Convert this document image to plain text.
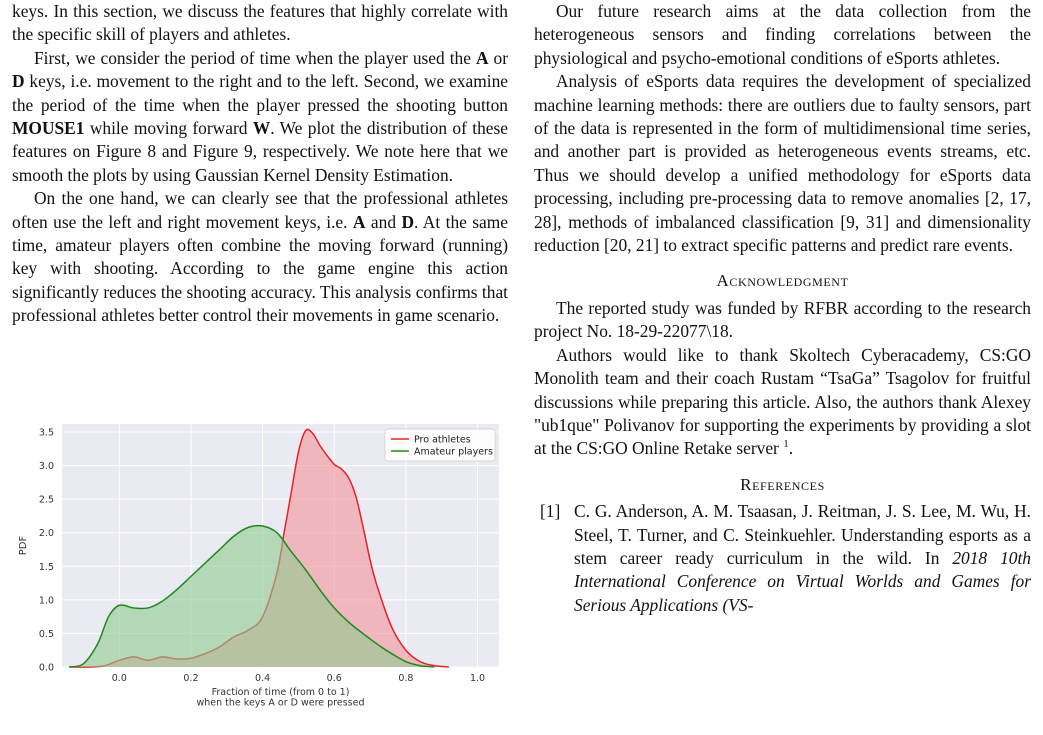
keys. In this section, we discuss the features that highly correlate with the specific skill of players and athletes.

First, we consider the period of time when the player used the A or D keys, i.e. movement to the right and to the left. Second, we examine the period of the time when the player pressed the shooting button MOUSE1 while moving forward W. We plot the distribution of these features on Figure 8 and Figure 9, respectively. We note here that we smooth the plots by using Gaussian Kernel Density Estimation.

On the one hand, we can clearly see that the professional athletes often use the left and right movement keys, i.e. A and D. At the same time, amateur players often combine the moving forward (running) key with shooting. According to the game engine this action significantly reduces the shooting accuracy. This analysis confirms that professional athletes better control their movements in game scenario.

0.0
0.5
1.0
1.5
2.0
2.5
3.0
3.5
0.0	0.2	0.4	0.6	0.8	1.0
PDF
Fraction of time (from 0 to 1)
when the keys A or D were pressed
Pro athletes
Amateur players

Our future research aims at the data collection from the heterogeneous sensors and finding correlations between the physiological and psycho-emotional conditions of eSports athletes.

Analysis of eSports data requires the development of specialized machine learning methods: there are outliers due to faulty sensors, part of the data is represented in the form of multidimensional time series, and another part is provided as heterogeneous events streams, etc. Thus we should develop a unified methodology for eSports data processing, including pre-processing data to remove anomalies [2, 17, 28], methods of imbalanced classification [9, 31] and dimensionality reduction [20, 21] to extract specific patterns and predict rare events.

Acknowledgment

The reported study was funded by RFBR according to the research project No. 18-29-22077\18.

Authors would like to thank Skoltech Cyberacademy, CS:GO Monolith team and their coach Rustam “TsaGa” Tsagolov for fruitful discussions while preparing this article. Also, the authors thank Alexey "ub1que" Polivanov for supporting the experiments by providing a slot at the CS:GO Online Retake server $^1$.

References

[1] C. G. Anderson, A. M. Tsaasan, J. Reitman, J. S. Lee, M. Wu, H. Steel, T. Turner, and C. Steinkuehler. Understanding esports as a stem career ready curriculum in the wild. In 2018 10th International Conference on Virtual Worlds and Games for Serious Applications (VS-
